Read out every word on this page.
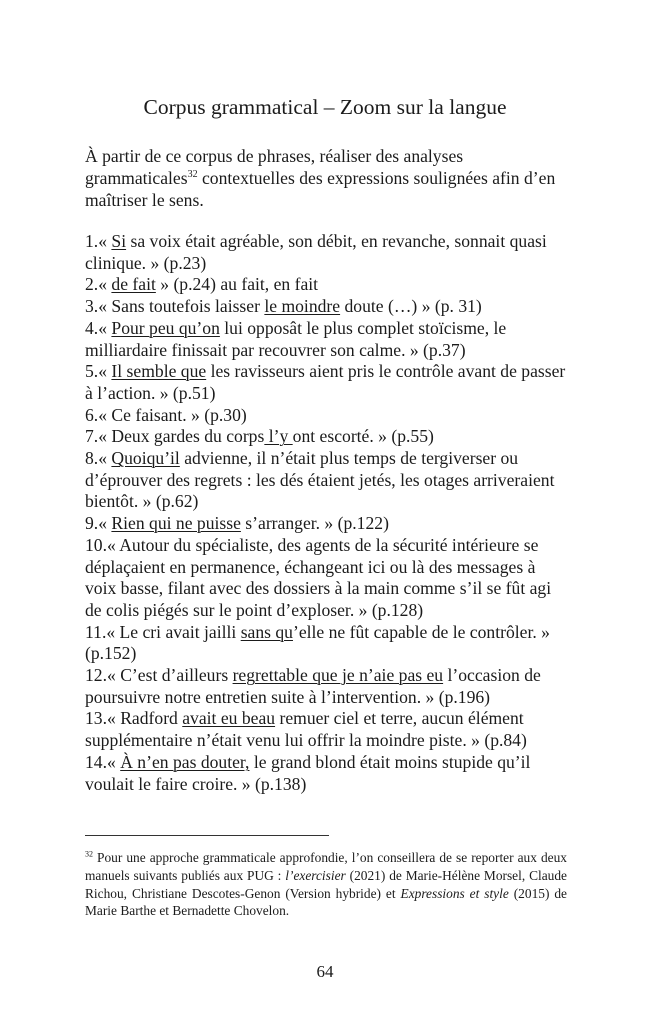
Corpus grammatical – Zoom sur la langue

À partir de ce corpus de phrases, réaliser des analyses grammaticales$^{32}$ contextuelles des expressions soulignées afin d’en maîtriser le sens.

1.« Si sa voix était agréable, son débit, en revanche, sonnait quasi clinique. » (p.23)

2.« de fait » (p.24) au fait, en fait

3.« Sans toutefois laisser le moindre doute (…) » (p. 31)

4.« Pour peu qu’on lui opposât le plus complet stoïcisme, le milliardaire finissait par recouvrer son calme. » (p.37)

5.« Il semble que les ravisseurs aient pris le contrôle avant de passer à l’action. » (p.51)

6.« Ce faisant. » (p.30)

7.« Deux gardes du corps l’y ont escorté. » (p.55)

8.« Quoiqu’il advienne, il n’était plus temps de tergiverser ou d’éprouver des regrets : les dés étaient jetés, les otages arriveraient bientôt. » (p.62)

9.« Rien qui ne puisse s’arranger. » (p.122)

10.« Autour du spécialiste, des agents de la sécurité intérieure se déplaçaient en permanence, échangeant ici ou là des messages à voix basse, filant avec des dossiers à la main comme s’il se fût agi de colis piégés sur le point d’exploser. » (p.128)

11.« Le cri avait jailli sans qu’elle ne fût capable de le contrôler. » (p.152)

12.« C’est d’ailleurs regrettable que je n’aie pas eu l’occasion de poursuivre notre entretien suite à l’intervention. » (p.196)

13.« Radford avait eu beau remuer ciel et terre, aucun élément supplémentaire n’était venu lui offrir la moindre piste. » (p.84)

14.« À n’en pas douter, le grand blond était moins stupide qu’il voulait le faire croire. » (p.138)

$^{32}$ Pour une approche grammaticale approfondie, l’on conseillera de se reporter aux deux manuels suivants publiés aux PUG : l’exercisier (2021) de Marie-Hélène Morsel, Claude Richou, Christiane Descotes-Genon (Version hybride) et Expressions et style (2015) de Marie Barthe et Bernadette Chovelon.

64
